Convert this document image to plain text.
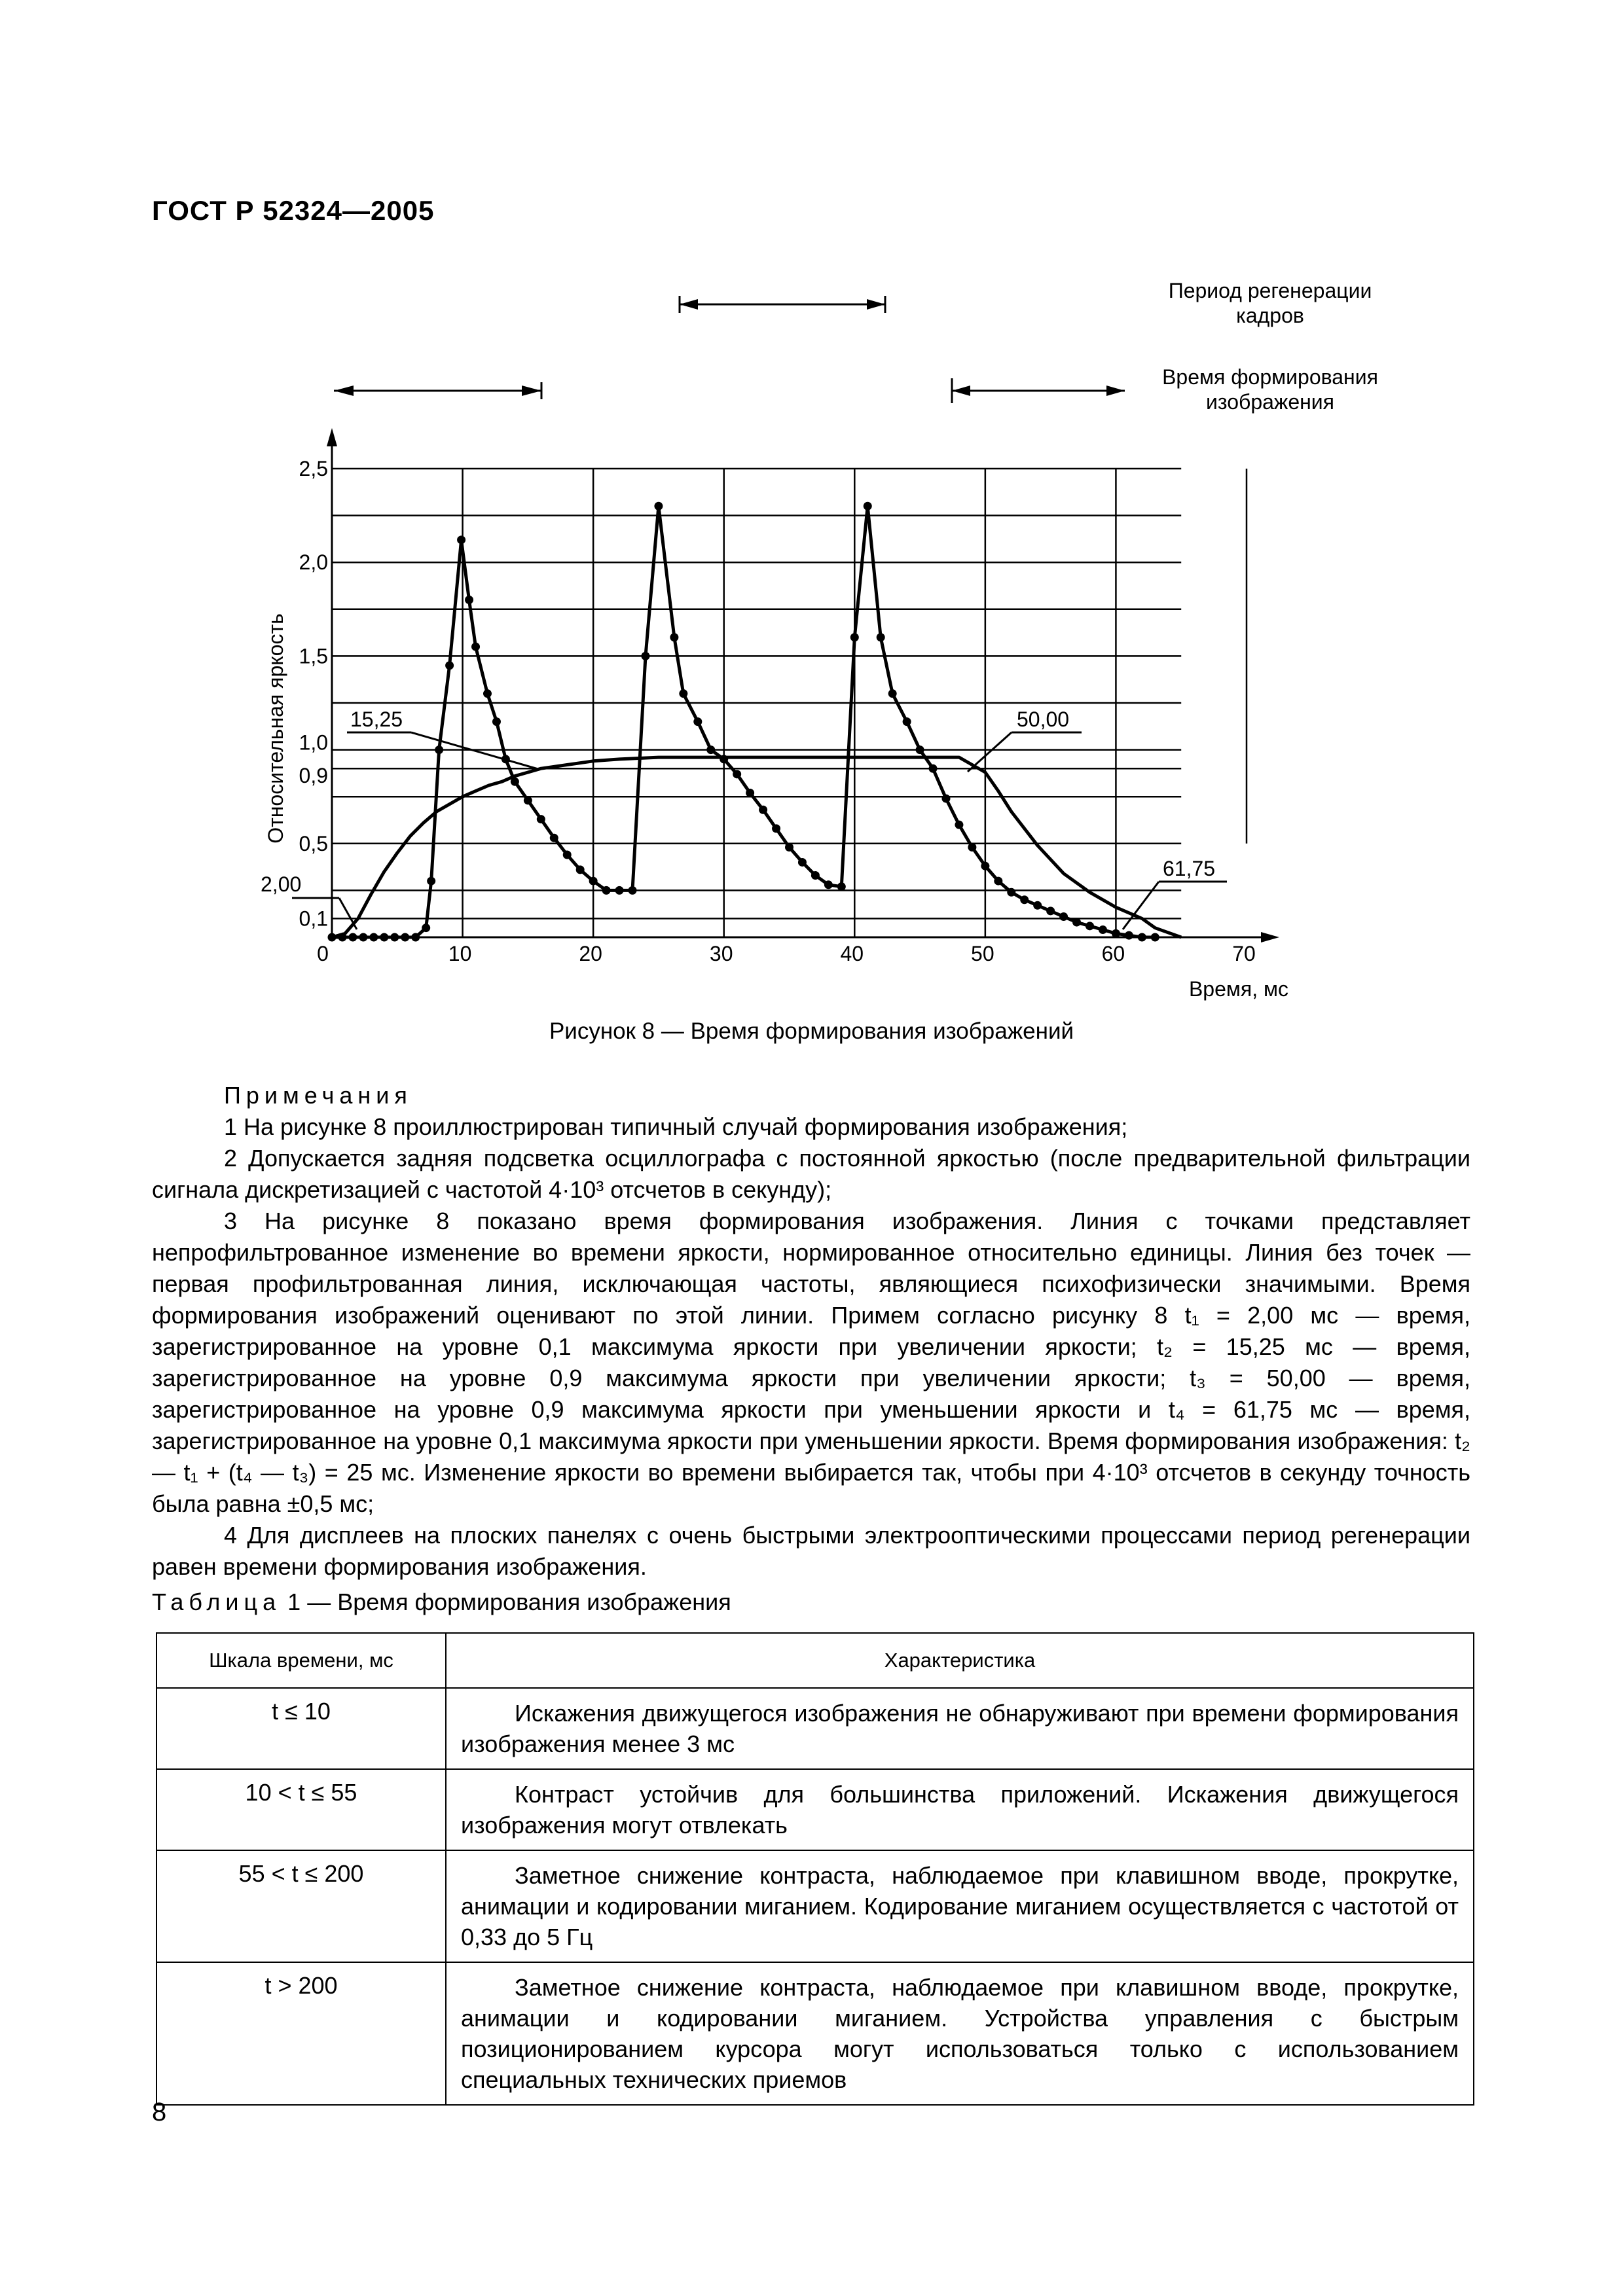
ГОСТ Р 52324—2005
Период регенерации
кадров
Время формирования
изображения
0	10	20	30	40	50	60	70
0,1
0,5
0,9
1,0
1,5
2,0
2,5
Относительная яркость
Время, мс
2,00
15,25	50,00
61,75
Рисунок 8 — Время формирования изображений
Примечания

1 На рисунке 8 проиллюстрирован типичный случай формирования изображения;

2 Допускается задняя подсветка осциллографа с постоянной яркостью (после предварительной фильтрации сигнала дискретизацией с частотой 4·10³ отсчетов в секунду);

3 На рисунке 8 показано время формирования изображения. Линия с точками представляет непрофильтрованное изменение во времени яркости, нормированное относительно единицы. Линия без точек — первая профильтрованная линия, исключающая частоты, являющиеся психофизически значимыми. Время формирования изображений оценивают по этой линии. Примем согласно рисунку 8 t₁ = 2,00 мс — время, зарегистрированное на уровне 0,1 максимума яркости при увеличении яркости; t₂ = 15,25 мс — время, зарегистрированное на уровне 0,9 максимума яркости при увеличении яркости; t₃ = 50,00 — время, зарегистрированное на уровне 0,9 максимума яркости при уменьшении яркости и t₄ = 61,75 мс — время, зарегистрированное на уровне 0,1 максимума яркости при уменьшении яркости. Время формирования изображения: t₂ — t₁ + (t₄ — t₃) = 25 мс. Изменение яркости во времени выбирается так, чтобы при 4·10³ отсчетов в секунду точность была равна ±0,5 мс;

4 Для дисплеев на плоских панелях с очень быстрыми электрооптическими процессами период регенерации равен времени формирования изображения.

Таблица 1 — Время формирования изображения
Шкала времени, мс	Характеристика
t ≤ 10	Искажения движущегося изображения не обнаруживают при времени формирования изображения менее 3 мс
10 < t ≤ 55	Контраст устойчив для большинства приложений. Искажения движущегося изображения могут отвлекать
55 < t ≤ 200	Заметное снижение контраста, наблюдаемое при клавишном вводе, прокрутке, анимации и кодировании миганием. Кодирование миганием осуществляется с частотой от 0,33 до 5 Гц
t > 200	Заметное снижение контраста, наблюдаемое при клавишном вводе, прокрутке, анимации и кодировании миганием. Устройства управления с быстрым позиционированием курсора могут использоваться только с использованием специальных технических приемов
8
